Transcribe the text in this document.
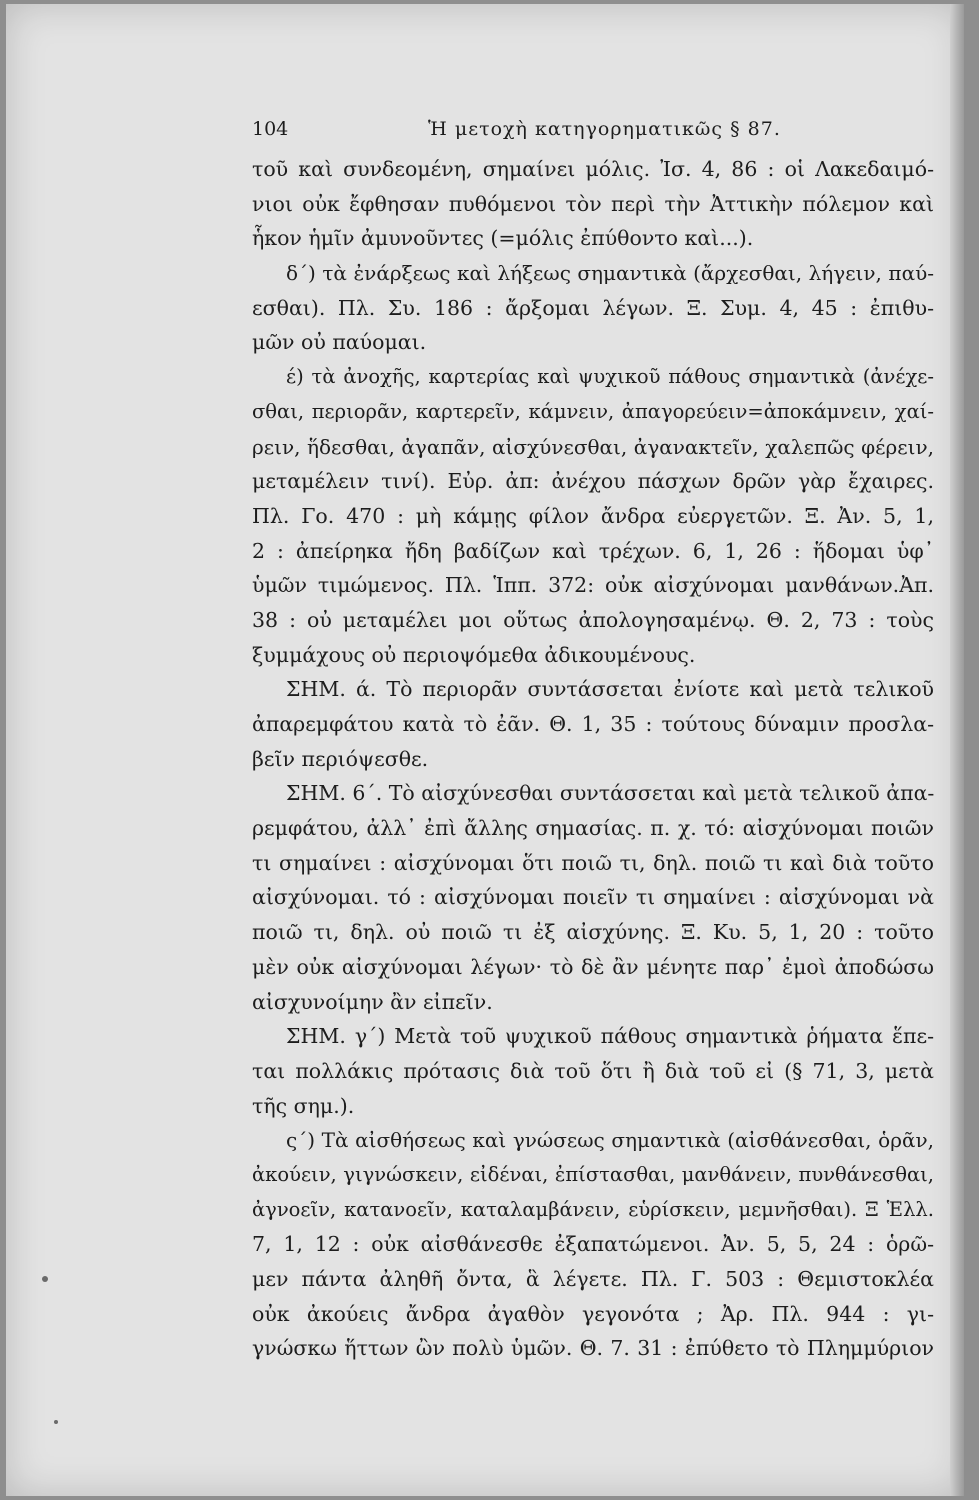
104	Ἡ μετοχὴ κατηγορηματικῶς § 87.
τοῦ καὶ συνδεομένη, σημαίνει μόλις. Ἰσ. 4, 86 : οἱ Λακεδαιμό-
νιοι οὐκ ἔφθησαν πυθόμενοι τὸν περὶ τὴν Ἀττικὴν πόλεμον καὶ
ἧκον ἡμῖν ἀμυνοῦντες (=μόλις ἐπύθοντο καὶ...).
δ΄) τὰ ἐνάρξεως καὶ λήξεως σημαντικὰ (ἄρχεσθαι, λήγειν, παύ-
εσθαι). Πλ. Συ. 186 : ἄρξομαι λέγων. Ξ. Συμ. 4, 45 : ἐπιθυ-
μῶν οὐ παύομαι.
έ) τὰ ἀνοχῆς, καρτερίας καὶ ψυχικοῦ πάθους σημαντικὰ (ἀνέχε-
σθαι, περιορᾶν, καρτερεῖν, κάμνειν, ἀπαγορεύειν=ἀποκάμνειν, χαί-
ρειν, ἥδεσθαι, ἀγαπᾶν, αἰσχύνεσθαι, ἀγανακτεῖν, χαλεπῶς φέρειν,
μεταμέλειν τινί). Εὐρ. ἀπ: ἀνέχου πάσχων δρῶν γὰρ ἔχαιρες.
Πλ. Γο. 470 : μὴ κάμῃς φίλον ἄνδρα εὐεργετῶν. Ξ. Ἀν. 5, 1,
2 : ἀπείρηκα ἤδη βαδίζων καὶ τρέχων. 6, 1, 26 : ἥδομαι ὑφ᾽
ὑμῶν τιμώμενος. Πλ. Ἱππ. 372: οὐκ αἰσχύνομαι μανθάνων.Ἀπ.
38 : οὐ μεταμέλει μοι οὕτως ἀπολογησαμένῳ. Θ. 2, 73 : τοὺς
ξυμμάχους οὐ περιοψόμεθα ἀδικουμένους.
ΣΗΜ. ά. Τὸ περιορᾶν συντάσσεται ἐνίοτε καὶ μετὰ τελικοῦ
ἀπαρεμφάτου κατὰ τὸ ἐᾶν. Θ. 1, 35 : τούτους δύναμιν προσλα-
βεῖν περιόψεσθε.
ΣΗΜ. 6΄. Τὸ αἰσχύνεσθαι συντάσσεται καὶ μετὰ τελικοῦ ἀπα-
ρεμφάτου, ἀλλ᾽ ἐπὶ ἄλλης σημασίας. π. χ. τό: αἰσχύνομαι ποιῶν
τι σημαίνει : αἰσχύνομαι ὅτι ποιῶ τι, δηλ. ποιῶ τι καὶ διὰ τοῦτο
αἰσχύνομαι. τό : αἰσχύνομαι ποιεῖν τι σημαίνει : αἰσχύνομαι νὰ
ποιῶ τι, δηλ. οὐ ποιῶ τι ἐξ αἰσχύνης. Ξ. Κυ. 5, 1, 20 : τοῦτο
μὲν οὐκ αἰσχύνομαι λέγων· τὸ δὲ ἂν μένητε παρ᾽ ἐμοὶ ἀποδώσω
αἰσχυνοίμην ἂν εἰπεῖν.
ΣΗΜ. γ΄) Μετὰ τοῦ ψυχικοῦ πάθους σημαντικὰ ῥήματα ἕπε-
ται πολλάκις πρότασις διὰ τοῦ ὅτι ἢ διὰ τοῦ εἰ (§ 71, 3, μετὰ
τῆς σημ.).
ς΄) Τὰ αἰσθήσεως καὶ γνώσεως σημαντικὰ (αἰσθάνεσθαι, ὁρᾶν,
ἀκούειν, γιγνώσκειν, εἰδέναι, ἐπίστασθαι, μανθάνειν, πυνθάνεσθαι,
ἀγνοεῖν, κατανοεῖν, καταλαμβάνειν, εὑρίσκειν, μεμνῆσθαι). Ξ Ἑλλ.
7, 1, 12 : οὐκ αἰσθάνεσθε ἐξαπατώμενοι. Ἀν. 5, 5, 24 : ὁρῶ-
μεν πάντα ἀληθῆ ὄντα, ἃ λέγετε. Πλ. Γ. 503 : Θεμιστοκλέα
οὐκ ἀκούεις ἄνδρα ἀγαθὸν γεγονότα ; Ἀρ. Πλ. 944 : γι-
γνώσκω ἥττων ὢν πολὺ ὑμῶν. Θ. 7. 31 : ἐπύθετο τὸ Πλημμύριον
